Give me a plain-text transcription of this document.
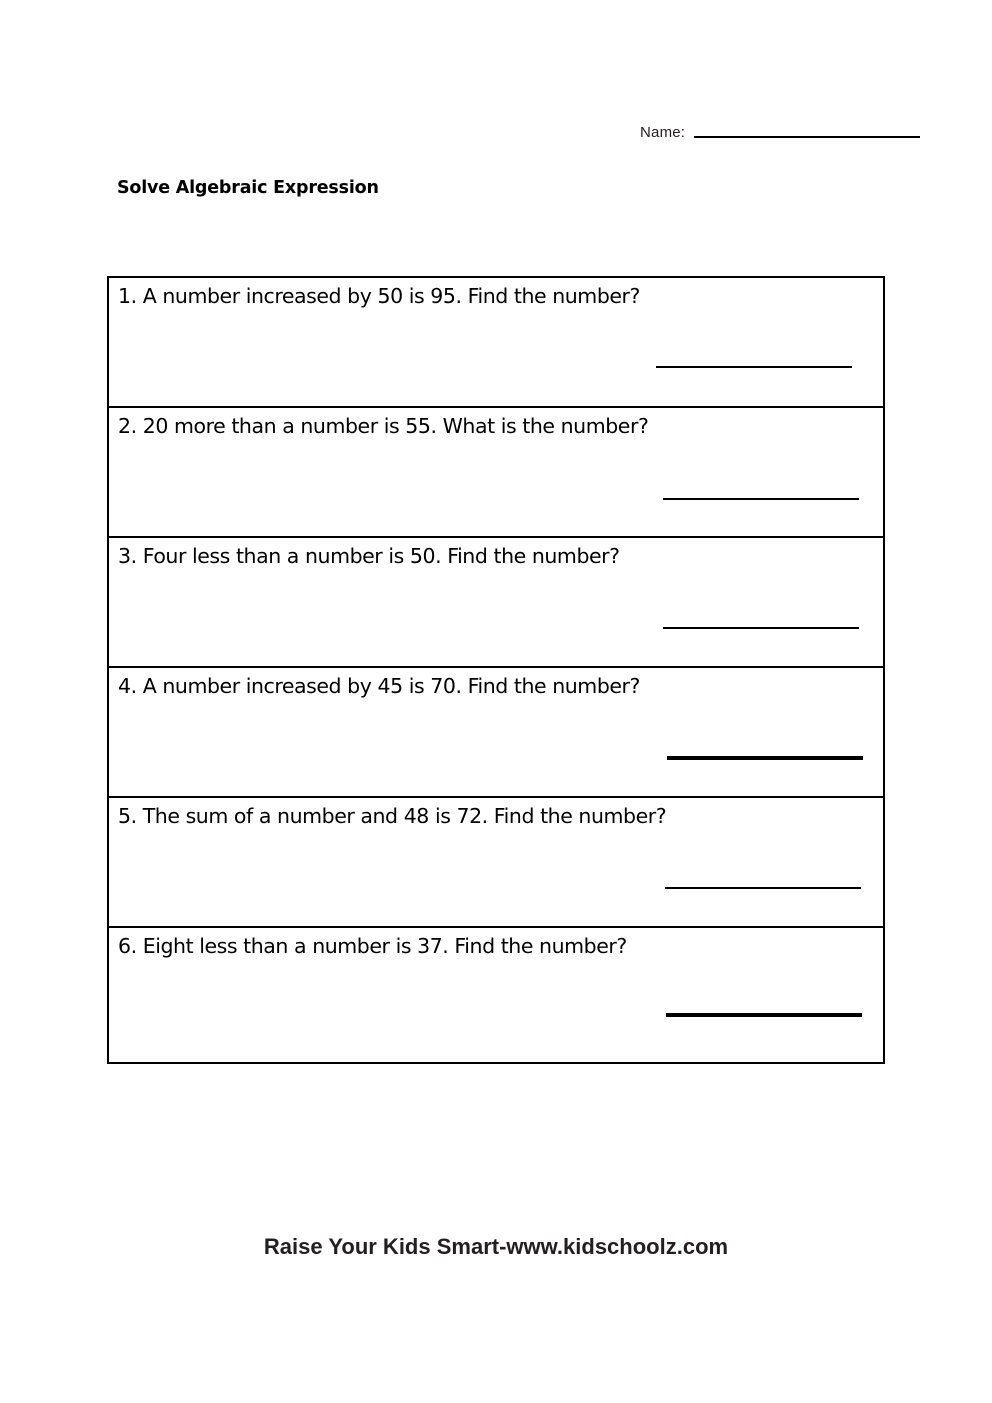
Name:
Solve Algebraic Expression
1. A number increased by 50 is 95. Find the number?
2. 20 more than a number is 55. What is the number?
3. Four less than a number is 50. Find the number?
4. A number increased by 45 is 70. Find the number?
5. The sum of a number and 48 is 72. Find the number?
6. Eight less than a number is 37. Find the number?
Raise Your Kids Smart-www.kidschoolz.com
